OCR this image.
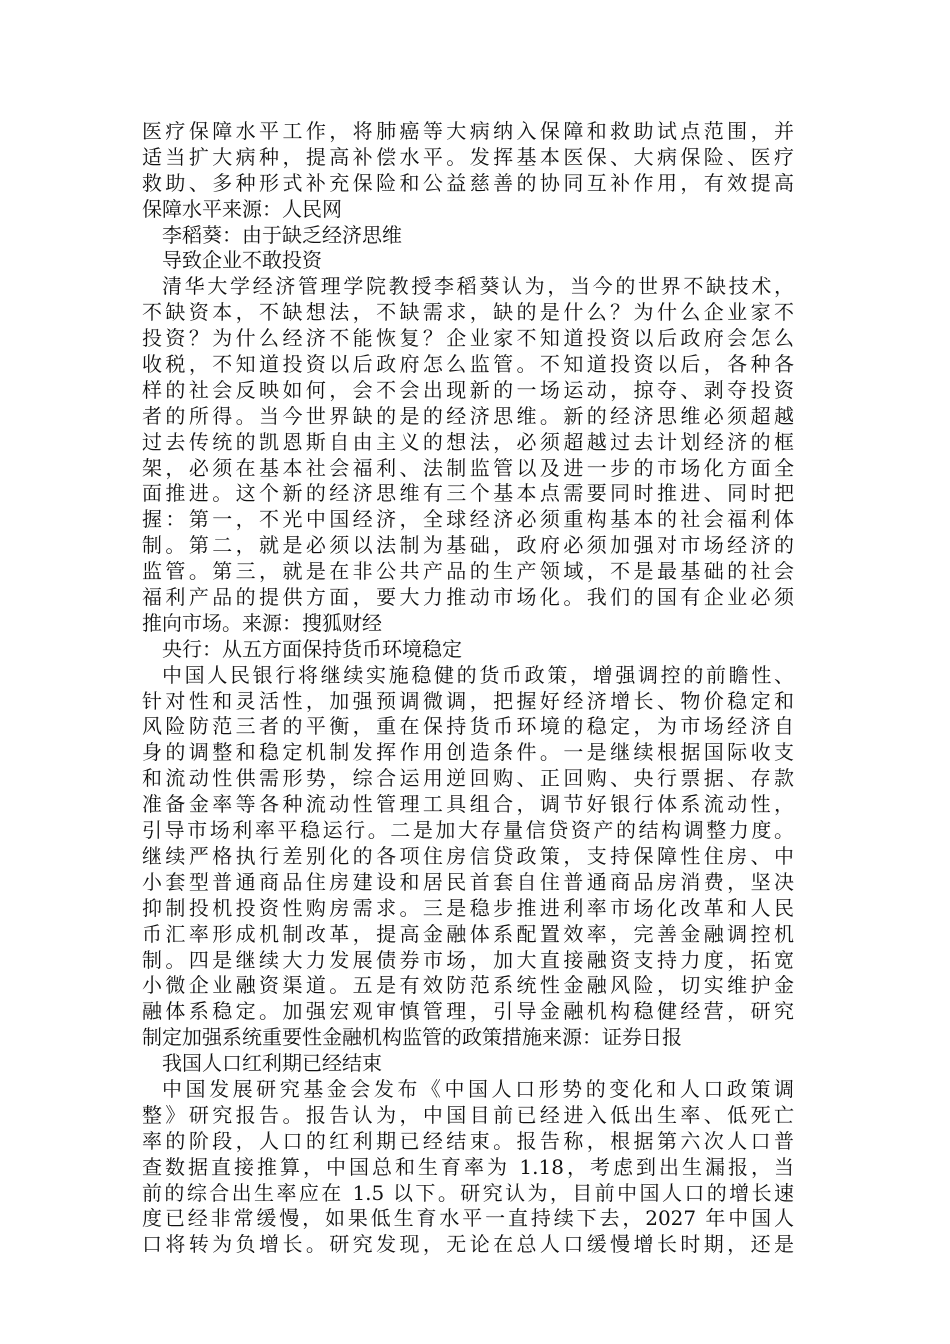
医疗保障水平工作，将肺癌等大病纳入保障和救助试点范围，并
适当扩大病种，提高补偿水平。发挥基本医保、大病保险、医疗
救助、多种形式补充保险和公益慈善的协同互补作用，有效提高
保障水平来源：人民网
李稻葵：由于缺乏经济思维
导致企业不敢投资
清华大学经济管理学院教授李稻葵认为，当今的世界不缺技术，
不缺资本，不缺想法，不缺需求，缺的是什么？为什么企业家不
投资？为什么经济不能恢复？企业家不知道投资以后政府会怎么
收税，不知道投资以后政府怎么监管。不知道投资以后，各种各
样的社会反映如何，会不会出现新的一场运动，掠夺、剥夺投资
者的所得。当今世界缺的是的经济思维。新的经济思维必须超越
过去传统的凯恩斯自由主义的想法，必须超越过去计划经济的框
架，必须在基本社会福利、法制监管以及进一步的市场化方面全
面推进。这个新的经济思维有三个基本点需要同时推进、同时把
握：第一，不光中国经济，全球经济必须重构基本的社会福利体
制。第二，就是必须以法制为基础，政府必须加强对市场经济的
监管。第三，就是在非公共产品的生产领域，不是最基础的社会
福利产品的提供方面，要大力推动市场化。我们的国有企业必须
推向市场。来源：搜狐财经
央行：从五方面保持货币环境稳定
中国人民银行将继续实施稳健的货币政策，增强调控的前瞻性、
针对性和灵活性，加强预调微调，把握好经济增长、物价稳定和
风险防范三者的平衡，重在保持货币环境的稳定，为市场经济自
身的调整和稳定机制发挥作用创造条件。一是继续根据国际收支
和流动性供需形势，综合运用逆回购、正回购、央行票据、存款
准备金率等各种流动性管理工具组合，调节好银行体系流动性，
引导市场利率平稳运行。二是加大存量信贷资产的结构调整力度。
继续严格执行差别化的各项住房信贷政策，支持保障性住房、中
小套型普通商品住房建设和居民首套自住普通商品房消费，坚决
抑制投机投资性购房需求。三是稳步推进利率市场化改革和人民
币汇率形成机制改革，提高金融体系配置效率，完善金融调控机
制。四是继续大力发展债券市场，加大直接融资支持力度，拓宽
小微企业融资渠道。五是有效防范系统性金融风险，切实维护金
融体系稳定。加强宏观审慎管理，引导金融机构稳健经营，研究
制定加强系统重要性金融机构监管的政策措施来源：证券日报
我国人口红利期已经结束
中国发展研究基金会发布《中国人口形势的变化和人口政策调
整》研究报告。报告认为，中国目前已经进入低出生率、低死亡
率的阶段，人口的红利期已经结束。报告称，根据第六次人口普
查数据直接推算，中国总和生育率为 1.18，考虑到出生漏报，当
前的综合出生率应在 1.5 以下。研究认为，目前中国人口的增长速
度已经非常缓慢，如果低生育水平一直持续下去，2027 年中国人
口将转为负增长。研究发现，无论在总人口缓慢增长时期，还是
